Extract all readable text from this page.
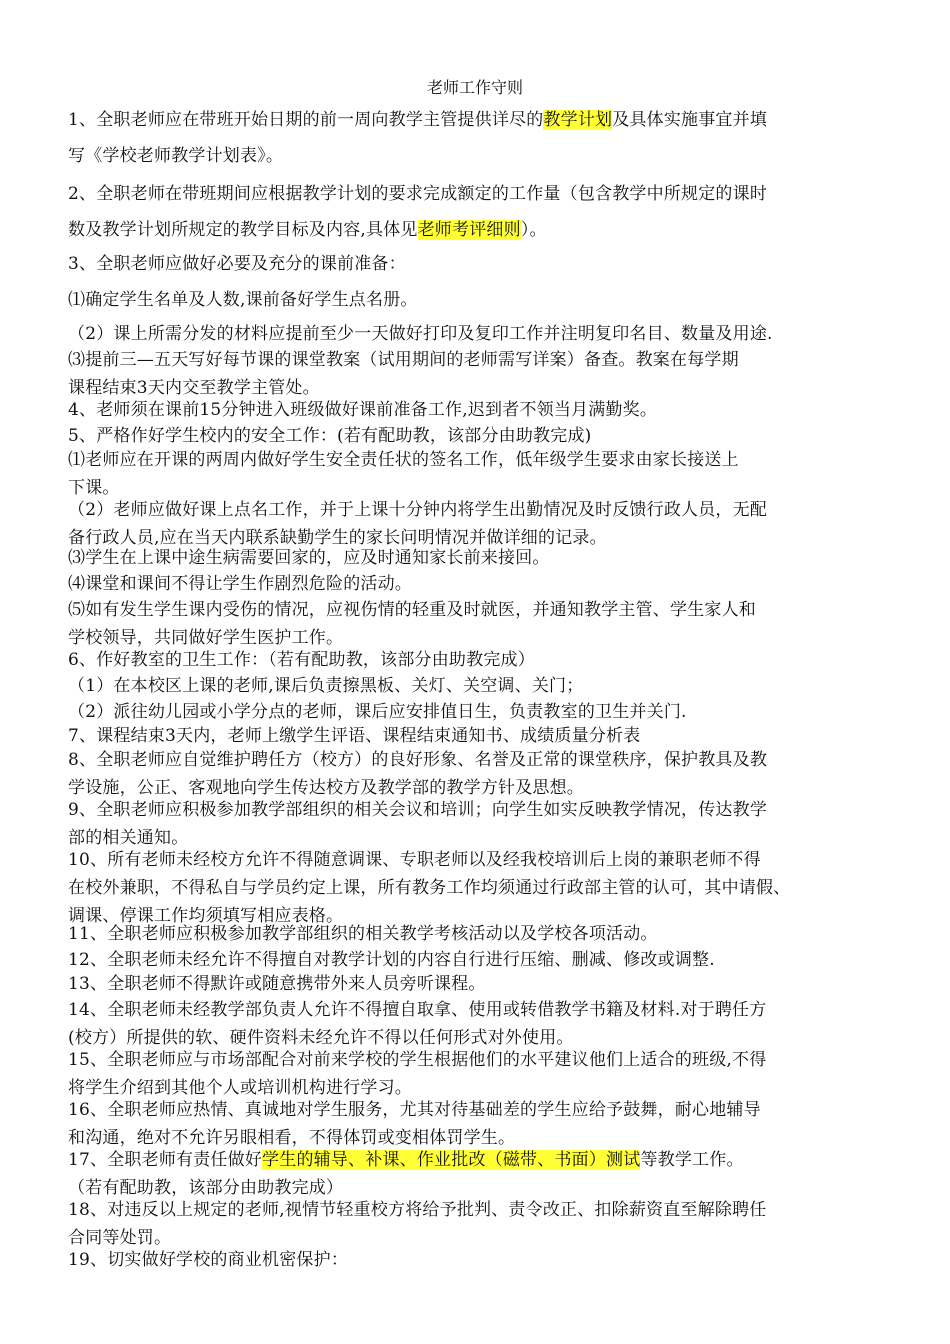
老师工作守则
1、全职老师应在带班开始日期的前一周向教学主管提供详尽的教学计划及具体实施事宜并填
写《学校老师教学计划表》。
2、全职老师在带班期间应根据教学计划的要求完成额定的工作量（包含教学中所规定的课时
数及教学计划所规定的教学目标及内容,具体见老师考评细则）。
3、全职老师应做好必要及充分的课前准备：
⑴确定学生名单及人数,课前备好学生点名册。
（2）课上所需分发的材料应提前至少一天做好打印及复印工作并注明复印名目、数量及用途.
⑶提前三—五天写好每节课的课堂教案（试用期间的老师需写详案）备查。教案在每学期
课程结束3天内交至教学主管处。
4、老师须在课前15分钟进入班级做好课前准备工作,迟到者不领当月满勤奖。
5、严格作好学生校内的安全工作：(若有配助教，该部分由助教完成)
⑴老师应在开课的两周内做好学生安全责任状的签名工作，低年级学生要求由家长接送上
下课。
（2）老师应做好课上点名工作，并于上课十分钟内将学生出勤情况及时反馈行政人员，无配
备行政人员,应在当天内联系缺勤学生的家长问明情况并做详细的记录。
⑶学生在上课中途生病需要回家的，应及时通知家长前来接回。
⑷课堂和课间不得让学生作剧烈危险的活动。
⑸如有发生学生课内受伤的情况，应视伤情的轻重及时就医，并通知教学主管、学生家人和
学校领导，共同做好学生医护工作。
6、作好教室的卫生工作：（若有配助教，该部分由助教完成）
（1）在本校区上课的老师,课后负责擦黑板、关灯、关空调、关门；
（2）派往幼儿园或小学分点的老师，课后应安排值日生，负责教室的卫生并关门.
7、课程结束3天内，老师上缴学生评语、课程结束通知书、成绩质量分析表
8、全职老师应自觉维护聘任方（校方）的良好形象、名誉及正常的课堂秩序，保护教具及教
学设施，公正、客观地向学生传达校方及教学部的教学方针及思想。
9、全职老师应积极参加教学部组织的相关会议和培训；向学生如实反映教学情况，传达教学
部的相关通知。
10、所有老师未经校方允许不得随意调课、专职老师以及经我校培训后上岗的兼职老师不得
在校外兼职，不得私自与学员约定上课，所有教务工作均须通过行政部主管的认可，其中请假、
调课、停课工作均须填写相应表格。
11、全职老师应积极参加教学部组织的相关教学考核活动以及学校各项活动。
12、全职老师未经允许不得擅自对教学计划的内容自行进行压缩、删减、修改或调整.
13、全职老师不得默许或随意携带外来人员旁听课程。
14、全职老师未经教学部负责人允许不得擅自取拿、使用或转借教学书籍及材料.对于聘任方
(校方）所提供的软、硬件资料未经允许不得以任何形式对外使用。
15、全职老师应与市场部配合对前来学校的学生根据他们的水平建议他们上适合的班级,不得
将学生介绍到其他个人或培训机构进行学习。
16、全职老师应热情、真诚地对学生服务，尤其对待基础差的学生应给予鼓舞，耐心地辅导
和沟通，绝对不允许另眼相看，不得体罚或变相体罚学生。
17、全职老师有责任做好学生的辅导、补课、作业批改（磁带、书面）测试等教学工作。
（若有配助教，该部分由助教完成）
18、对违反以上规定的老师,视情节轻重校方将给予批判、责令改正、扣除薪资直至解除聘任
合同等处罚。
19、切实做好学校的商业机密保护：
